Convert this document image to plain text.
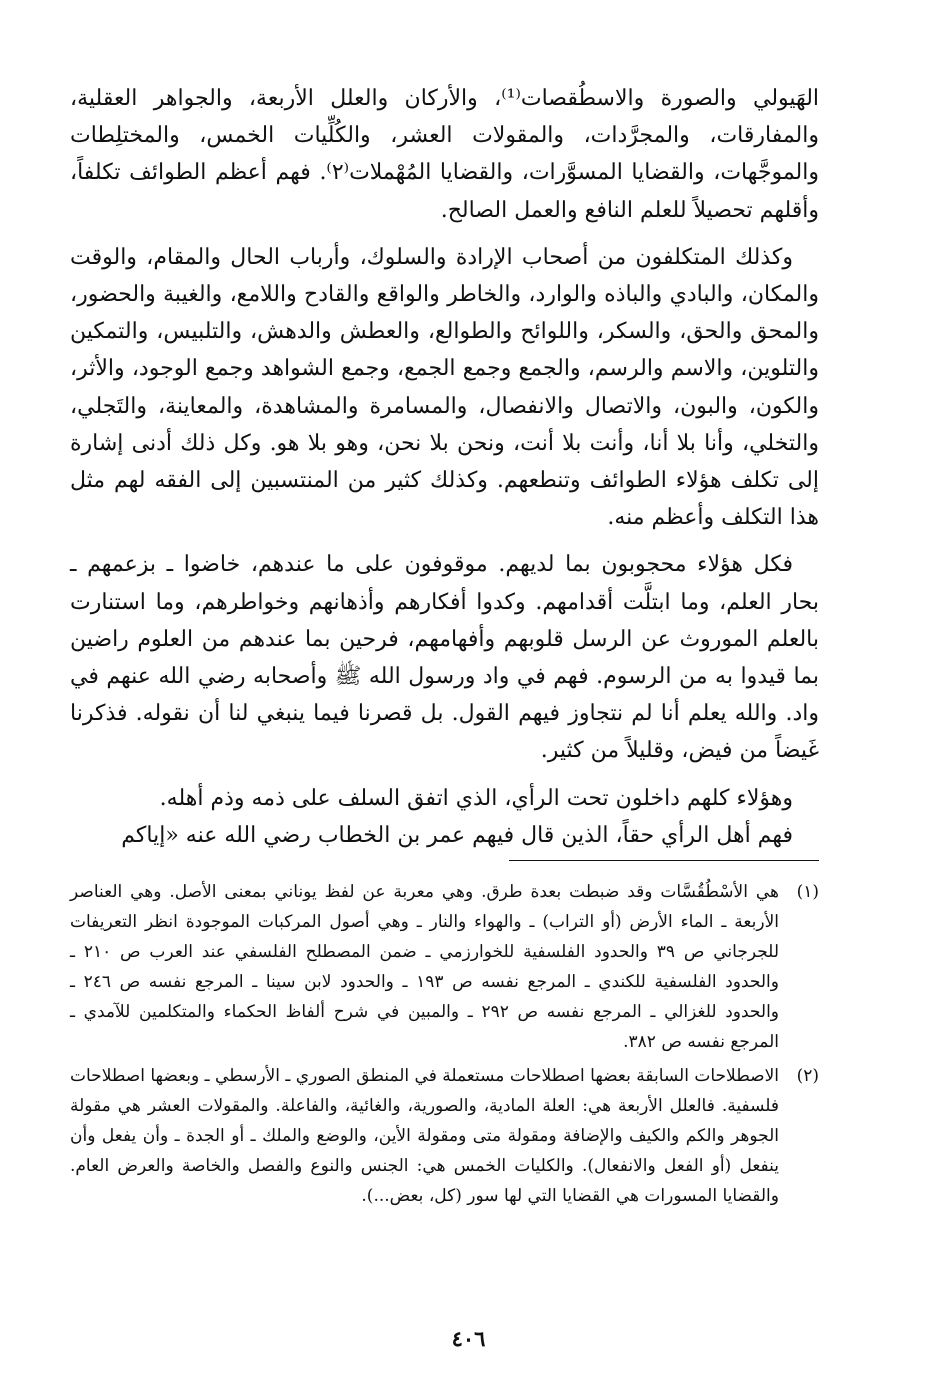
الهَيولي والصورة والاسطُقصات⁽¹⁾، والأركان والعلل الأربعة، والجواهر العقلية، والمفارقات، والمجرَّدات، والمقولات العشر، والكُلِّيات الخمس، والمختلِطات والموجَّهات، والقضايا المسوَّرات، والقضايا المُهْملات⁽٢⁾. فهم أعظم الطوائف تكلفاً، وأقلهم تحصيلاً للعلم النافع والعمل الصالح.

وكذلك المتكلفون من أصحاب الإرادة والسلوك، وأرباب الحال والمقام، والوقت والمكان، والبادي والباذه والوارد، والخاطر والواقع والقادح واللامع، والغيبة والحضور، والمحق والحق، والسكر، واللوائح والطوالع، والعطش والدهش، والتلبيس، والتمكين والتلوين، والاسم والرسم، والجمع وجمع الجمع، وجمع الشواهد وجمع الوجود، والأثر، والكون، والبون، والاتصال والانفصال، والمسامرة والمشاهدة، والمعاينة، والتَجلي، والتخلي، وأنا بلا أنا، وأنت بلا أنت، ونحن بلا نحن، وهو بلا هو. وكل ذلك أدنى إشارة إلى تكلف هؤلاء الطوائف وتنطعهم. وكذلك كثير من المنتسبين إلى الفقه لهم مثل هذا التكلف وأعظم منه.

فكل هؤلاء محجوبون بما لديهم. موقوفون على ما عندهم، خاضوا ـ بزعمهم ـ بحار العلم، وما ابتلَّت أقدامهم. وكدوا أفكارهم وأذهانهم وخواطرهم، وما استنارت بالعلم الموروث عن الرسل قلوبهم وأفهامهم، فرحين بما عندهم من العلوم راضين بما قيدوا به من الرسوم. فهم في واد ورسول الله ﷺ وأصحابه رضي الله عنهم في واد. والله يعلم أنا لم نتجاوز فيهم القول. بل قصرنا فيما ينبغي لنا أن نقوله. فذكرنا غَيضاً من فيض، وقليلاً من كثير.

وهؤلاء كلهم داخلون تحت الرأي، الذي اتفق السلف على ذمه وذم أهله.

فهم أهل الرأي حقاً، الذين قال فيهم عمر بن الخطاب رضي الله عنه «إياكم

(١)
هي الأسْطُقُسَّات وقد ضبطت بعدة طرق. وهي معربة عن لفظ يوناني بمعنى الأصل. وهي العناصر الأربعة ـ الماء الأرض (أو التراب) ـ والهواء والنار ـ وهي أصول المركبات الموجودة انظر التعريفات للجرجاني ص ٣٩ والحدود الفلسفية للخوارزمي ـ ضمن المصطلح الفلسفي عند العرب ص ٢١٠ ـ والحدود الفلسفية للكندي ـ المرجع نفسه ص ١٩٣ ـ والحدود لابن سينا ـ المرجع نفسه ص ٢٤٦ ـ والحدود للغزالي ـ المرجع نفسه ص ٢٩٢ ـ والمبين في شرح ألفاظ الحكماء والمتكلمين للآمدي ـ المرجع نفسه ص ٣٨٢.
(٢)
الاصطلاحات السابقة بعضها اصطلاحات مستعملة في المنطق الصوري ـ الأرسطي ـ وبعضها اصطلاحات فلسفية. فالعلل الأربعة هي: العلة المادية، والصورية، والغائية، والفاعلة. والمقولات العشر هي مقولة الجوهر والكم والكيف والإضافة ومقولة متى ومقولة الأين، والوضع والملك ـ أو الجدة ـ وأن يفعل وأن ينفعل (أو الفعل والانفعال). والكليات الخمس هي: الجنس والنوع والفصل والخاصة والعرض العام. والقضايا المسورات هي القضايا التي لها سور (كل، بعض...).
٤٠٦
